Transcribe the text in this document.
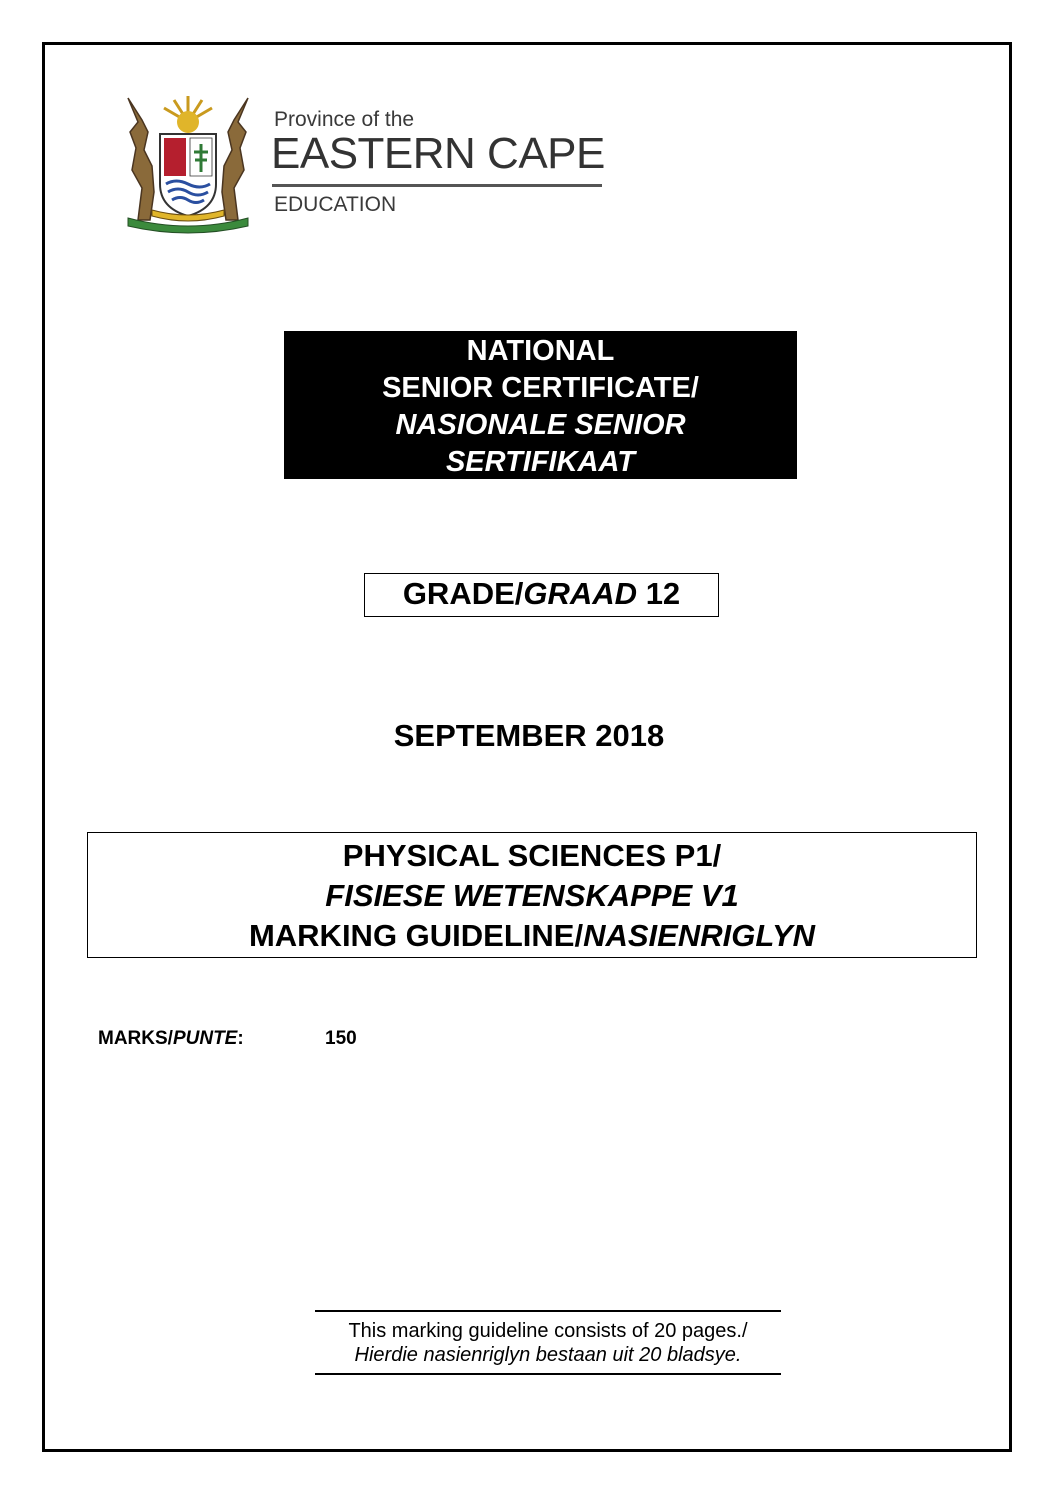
Province of the
EASTERN CAPE
EDUCATION
NATIONAL
SENIOR CERTIFICATE/
NASIONALE SENIOR
SERTIFIKAAT
GRADE/GRAAD 12
SEPTEMBER 2018
PHYSICAL SCIENCES P1/
FISIESE WETENSKAPPE V1
MARKING GUIDELINE/NASIENRIGLYN
MARKS/PUNTE:	150
This marking guideline consists of 20 pages./
Hierdie nasienriglyn bestaan uit 20 bladsye.
